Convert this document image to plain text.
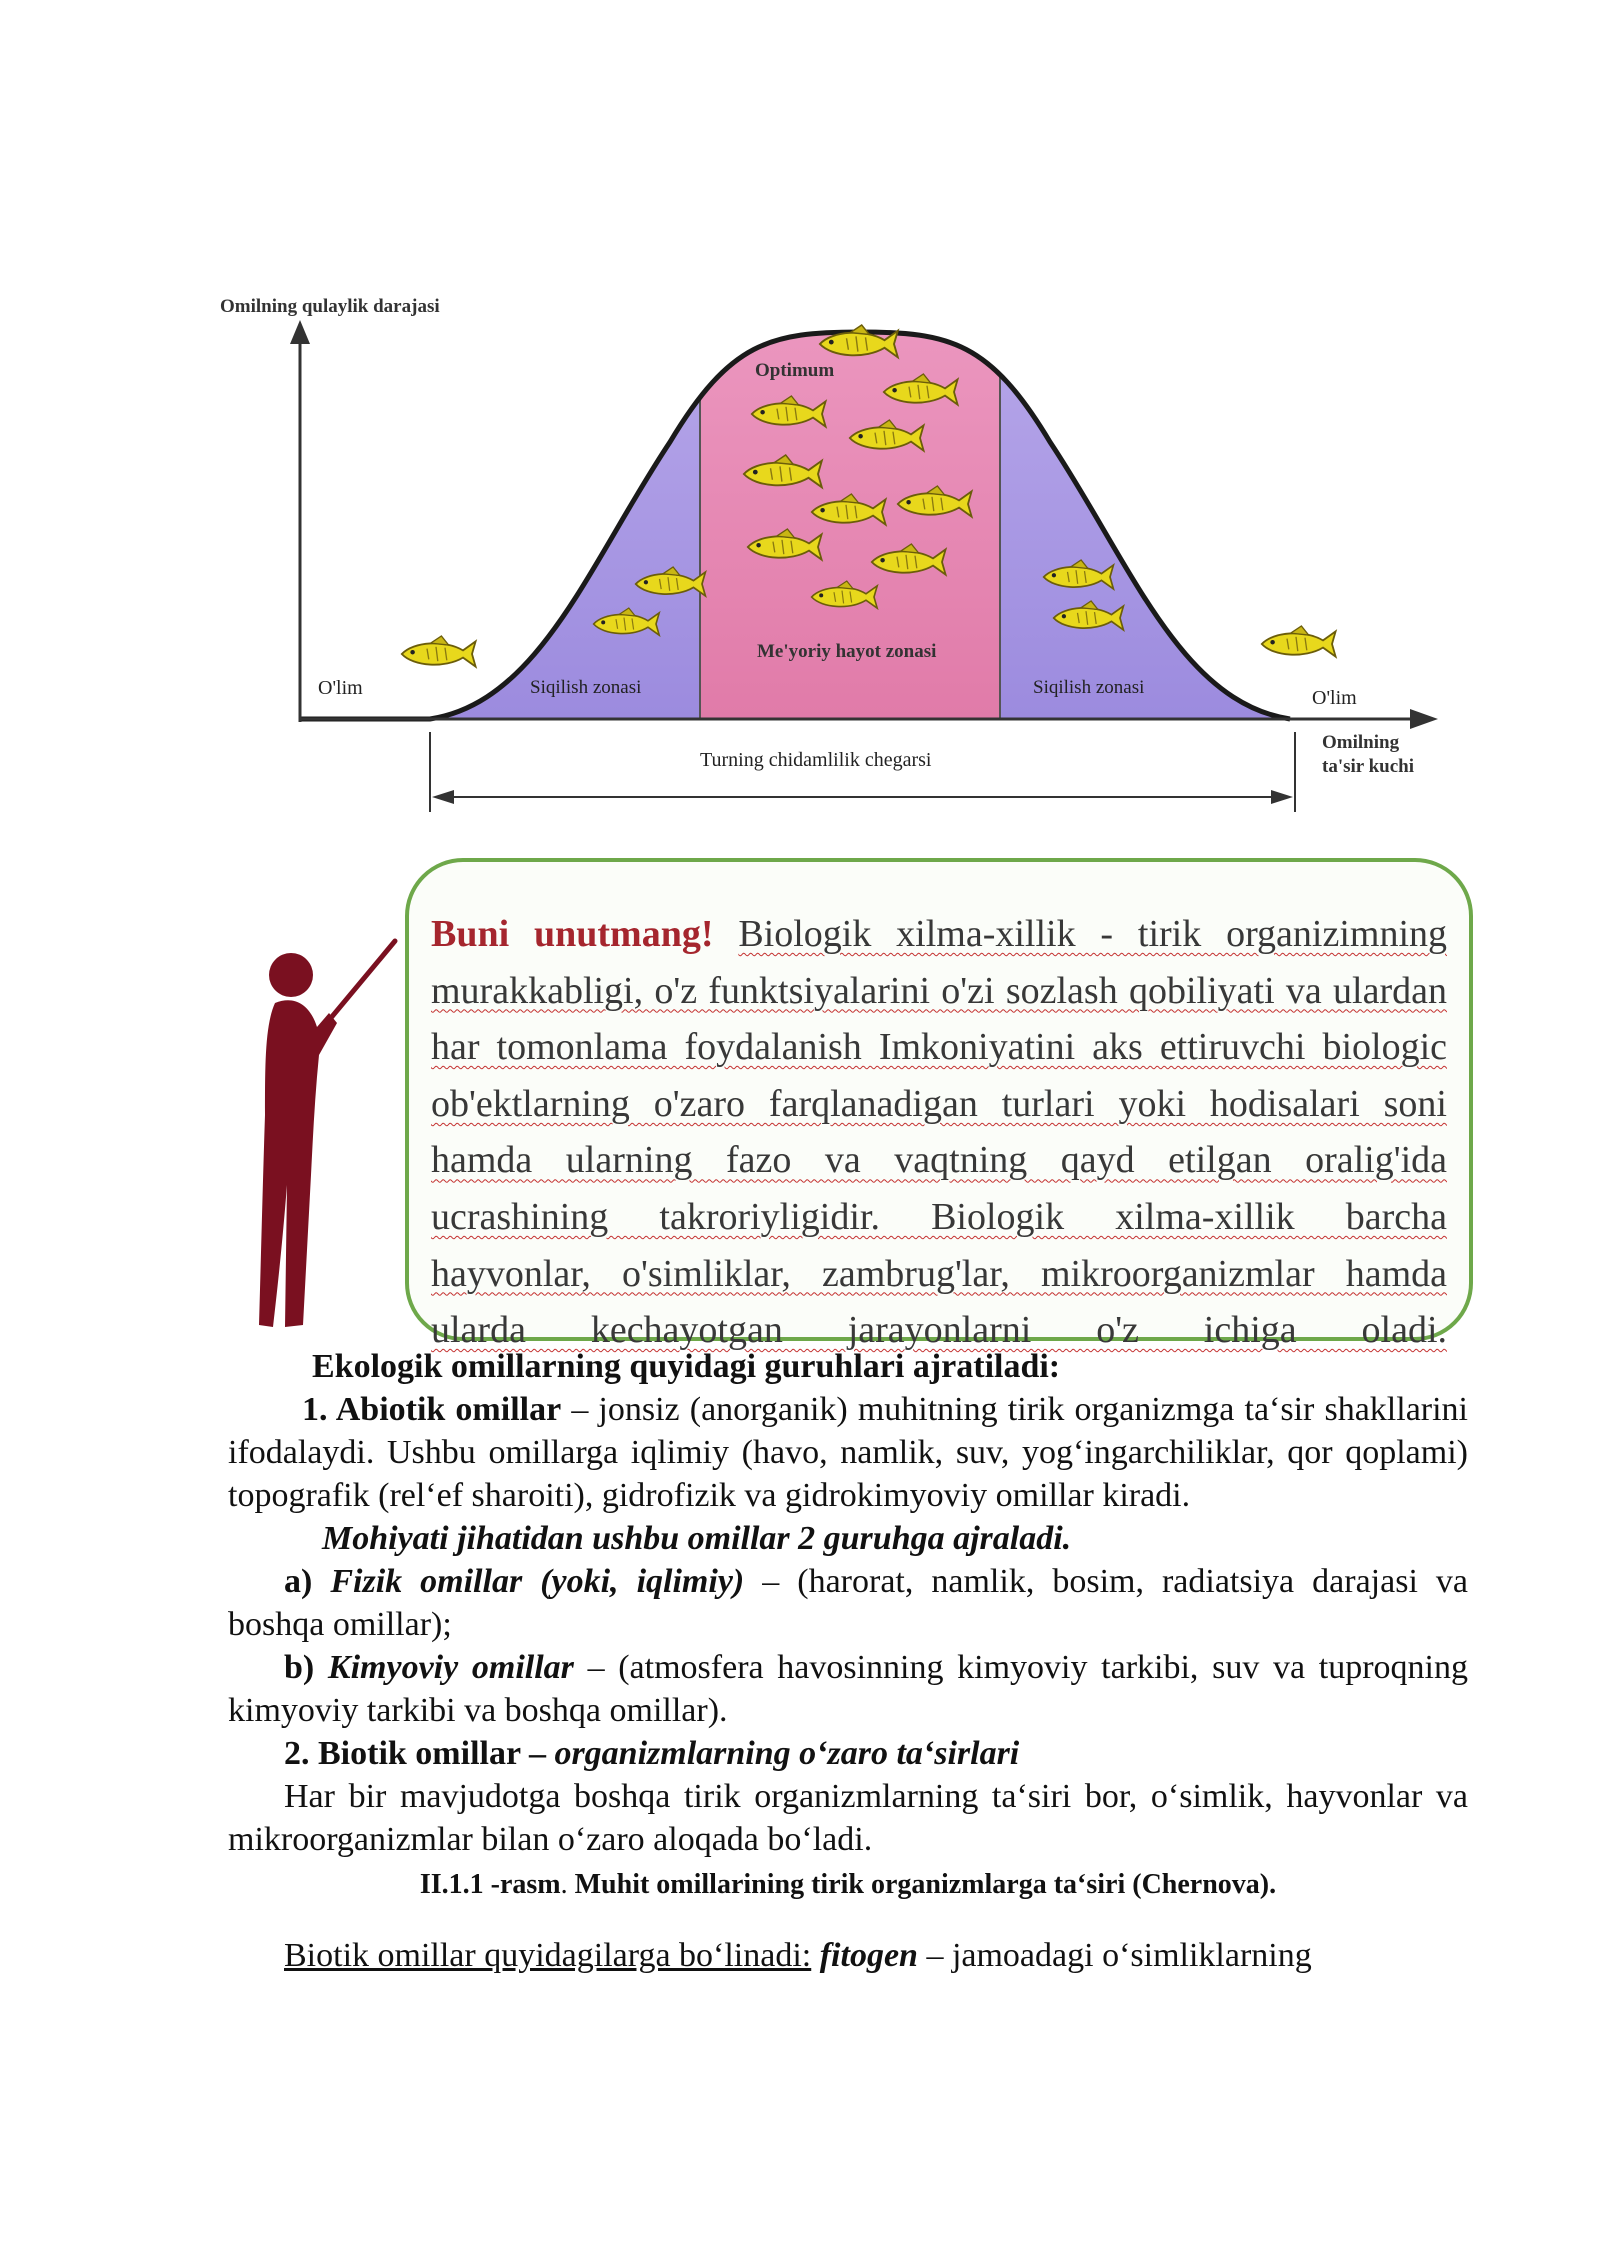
Omilning qulaylik darajasi
O'lim	O'lim
Optimum
Me'yoriy hayot zonasi
Siqilish zonasi	Siqilish zonasi
Turning chidamlilik chegarsi
Omilning
ta'sir kuchi

Buni unutmang! Biologik xilma-xillik - tirik organizimning murakkabligi, o'z funktsiyalarini o'zi sozlash qobiliyati va ulardan har tomonlama foydalanish Imkoniyatini aks ettiruvchi biologic ob'ektlarning o'zaro farqlanadigan turlari yoki hodisalari soni hamda ularning fazo va vaqtning qayd etilgan oralig'ida ucrashining takroriyligidir. Biologik xilma-xillik barcha hayvonlar, o'simliklar, zambrug'lar, mikroorganizmlar hamda ularda kechayotgan jarayonlarni o'z ichiga oladi.

Ekologik omillarning quyidagi guruhlari ajratiladi:

1. Abiotik omillar – jonsiz (anorganik) muhitning tirik organizmga ta‘sir shakllarini ifodalaydi. Ushbu omillarga iqlimiy (havo, namlik, suv, yog‘ingarchiliklar, qor qoplami) topografik (rel‘ef sharoiti), gidrofizik va gidrokimyoviy omillar kiradi.

Mohiyati jihatidan ushbu omillar 2 guruhga ajraladi.

a) Fizik omillar (yoki, iqlimiy) – (harorat, namlik, bosim, radiatsiya darajasi va boshqa omillar);

b) Kimyoviy omillar – (atmosfera havosinning kimyoviy tarkibi, suv va tuproqning kimyoviy tarkibi va boshqa omillar).

2. Biotik omillar – organizmlarning o‘zaro ta‘sirlari

Har bir mavjudotga boshqa tirik organizmlarning ta‘siri bor, o‘simlik, hayvonlar va mikroorganizmlar bilan o‘zaro aloqada bo‘ladi.

II.1.1 -rasm. Muhit omillarining tirik organizmlarga ta‘siri (Chernova).

Biotik omillar quyidagilarga bo‘linadi: fitogen – jamoadagi o‘simliklarning
